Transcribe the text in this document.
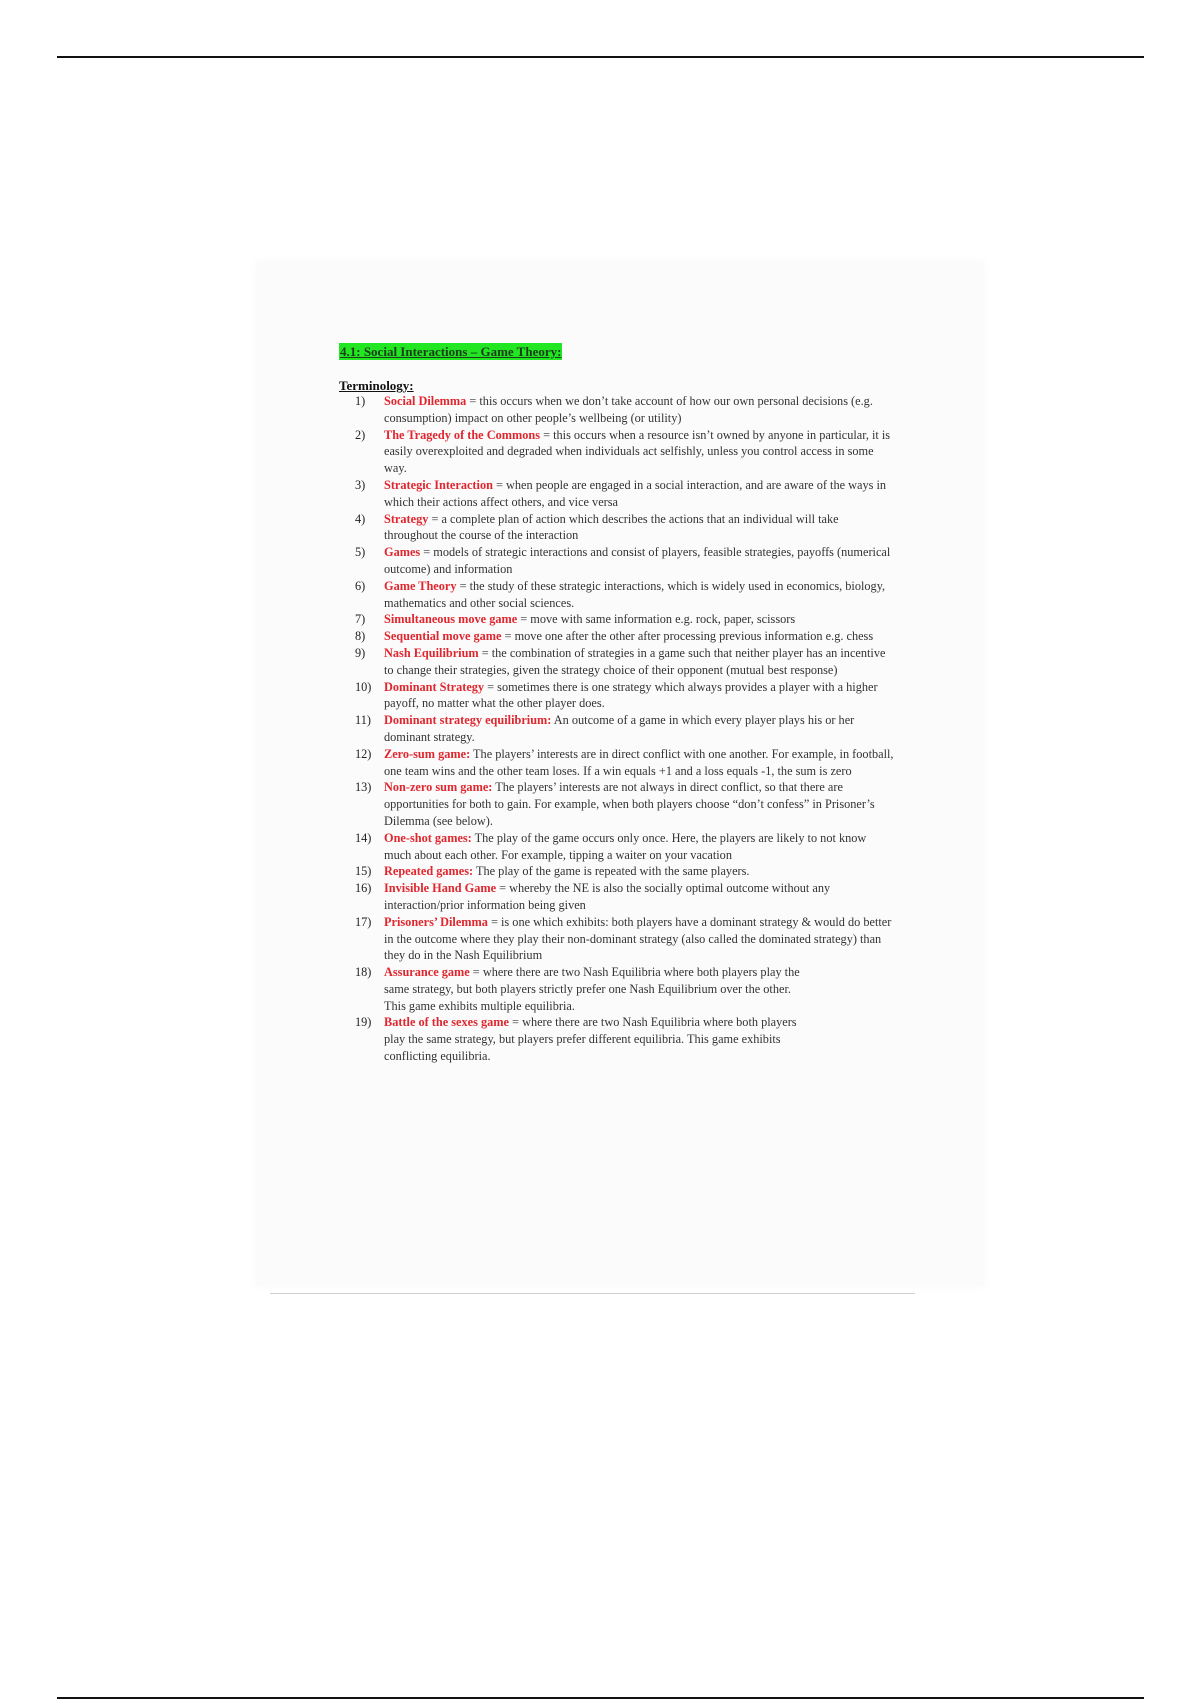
4.1: Social Interactions – Game Theory:
Terminology:
1)	Social Dilemma = this occurs when we don’t take account of how our own personal decisions (e.g. consumption) impact on other people’s wellbeing (or utility)
2)	The Tragedy of the Commons = this occurs when a resource isn’t owned by anyone in particular, it is easily overexploited and degraded when individuals act selfishly, unless you control access in some way.
3)	Strategic Interaction = when people are engaged in a social interaction, and are aware of the ways in which their actions affect others, and vice versa
4)	Strategy = a complete plan of action which describes the actions that an individual will take throughout the course of the interaction
5)	Games = models of strategic interactions and consist of players, feasible strategies, payoffs (numerical outcome) and information
6)	Game Theory = the study of these strategic interactions, which is widely used in economics, biology, mathematics and other social sciences.
7)	Simultaneous move game = move with same information e.g. rock, paper, scissors
8)	Sequential move game = move one after the other after processing previous information e.g. chess
9)	Nash Equilibrium = the combination of strategies in a game such that neither player has an incentive to change their strategies, given the strategy choice of their opponent (mutual best response)
10)	Dominant Strategy = sometimes there is one strategy which always provides a player with a higher payoff, no matter what the other player does.
11)	Dominant strategy equilibrium: An outcome of a game in which every player plays his or her dominant strategy.
12)	Zero-sum game: The players’ interests are in direct conflict with one another. For example, in football, one team wins and the other team loses. If a win equals +1 and a loss equals -1, the sum is zero
13)	Non-zero sum game: The players’ interests are not always in direct conflict, so that there are opportunities for both to gain. For example, when both players choose “don’t confess” in Prisoner’s Dilemma (see below).
14)	One-shot games: The play of the game occurs only once. Here, the players are likely to not know much about each other. For example, tipping a waiter on your vacation
15)	Repeated games: The play of the game is repeated with the same players.
16)	Invisible Hand Game = whereby the NE is also the socially optimal outcome without any interaction/prior information being given
17)	Prisoners’ Dilemma = is one which exhibits: both players have a dominant strategy & would do better in the outcome where they play their non-dominant strategy (also called the dominated strategy) than they do in the Nash Equilibrium
18)	Assurance game = where there are two Nash Equilibria where both players play the same strategy, but both players strictly prefer one Nash Equilibrium over the other. This game exhibits multiple equilibria.
19)	Battle of the sexes game = where there are two Nash Equilibria where both players play the same strategy, but players prefer different equilibria. This game exhibits conflicting equilibria.
